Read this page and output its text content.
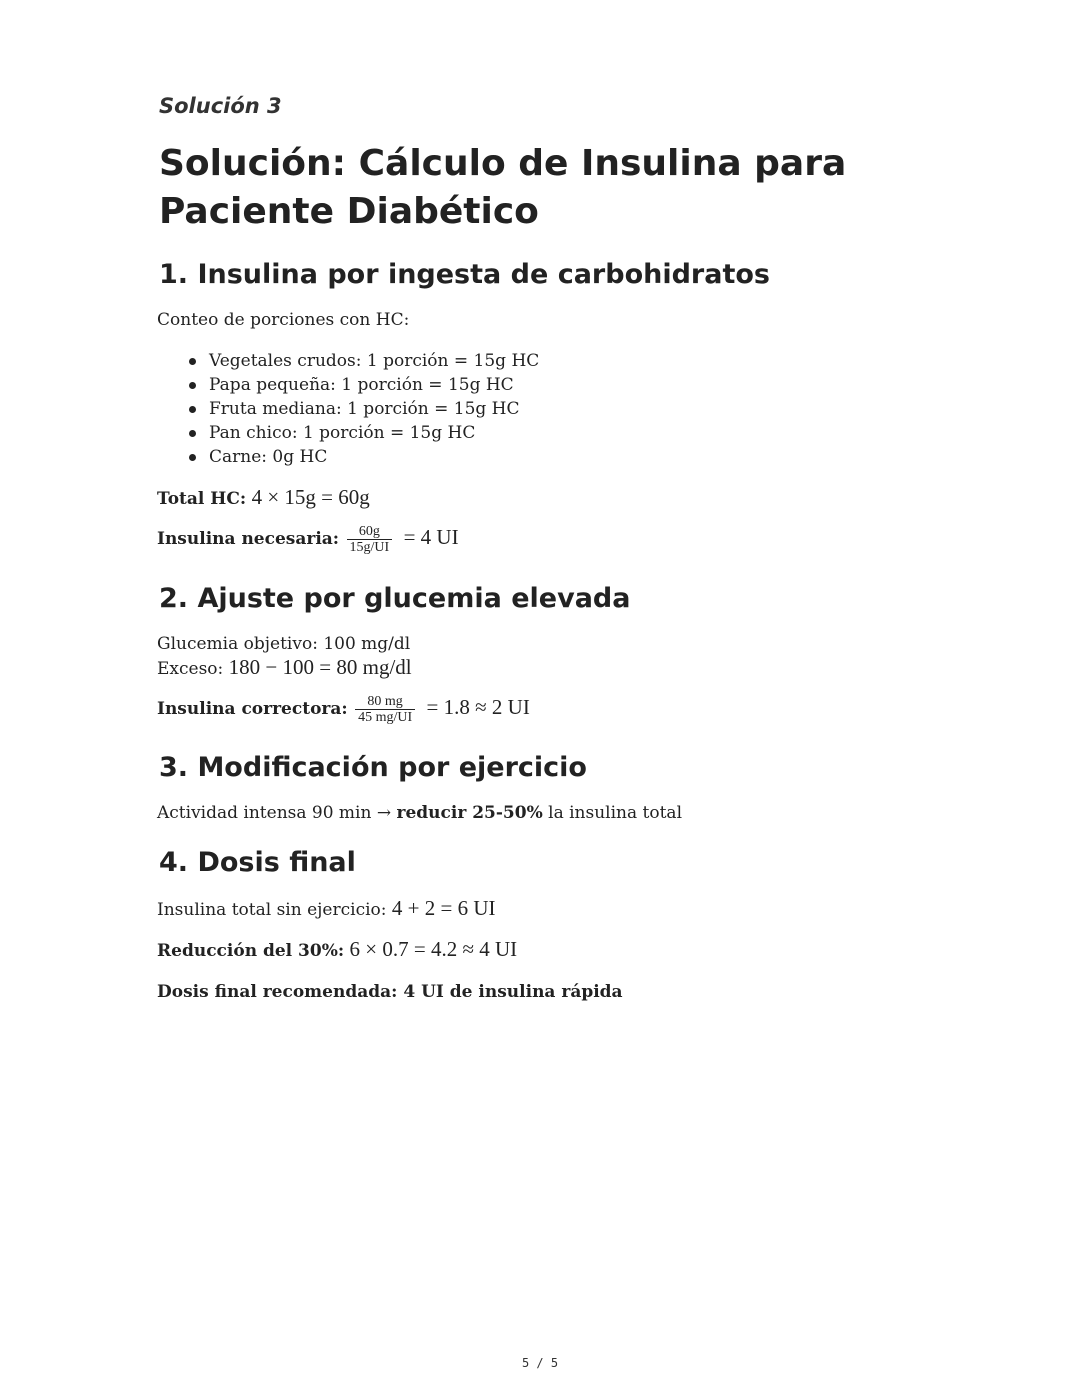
Solución 3
Solución: Cálculo de Insulina para Paciente Diabético
1. Insulina por ingesta de carbohidratos

Conteo de porciones con HC:

Vegetales crudos: 1 porción = 15g HC
Papa pequeña: 1 porción = 15g HC
Fruta mediana: 1 porción = 15g HC
Pan chico: 1 porción = 15g HC
Carne: 0g HC

Total HC: 4 × 15g = 60g

Insulina necesaria: $\frac{60g}{15g/UI} = 4$ UI

2. Ajuste por glucemia elevada

Glucemia objetivo: 100 mg/dl

Exceso: 180 − 100 = 80 mg/dl

Insulina correctora: $\frac{80 mg}{45 mg/UI} = 1.8 \approx 2$ UI

3. Modificación por ejercicio

Actividad intensa 90 min → reducir 25-50% la insulina total

4. Dosis final

Insulina total sin ejercicio: 4 + 2 = 6 UI

Reducción del 30%: 6 × 0.7 = 4.2 ≈ 4 UI

Dosis final recomendada: 4 UI de insulina rápida

5 / 5
